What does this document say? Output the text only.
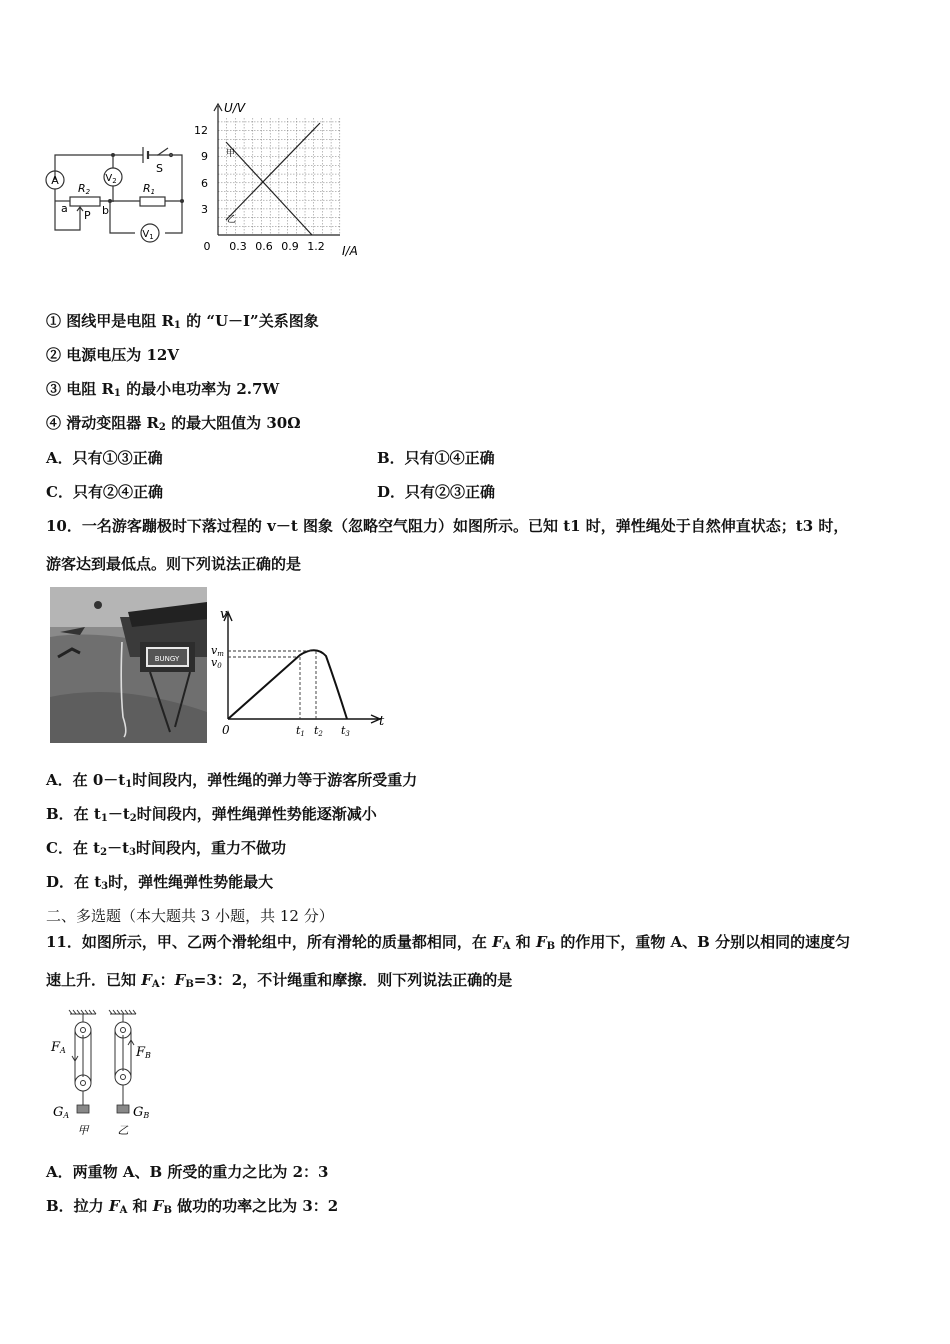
A	$V_2$
$V_1$
R2	R1
S
a	b
P
U/V
I/A
12
9
6
3
0 0.3 0.6 0.9 1.2
甲
乙
① 图线甲是电阻 $R_1$ 的 “U－I”关系图象
② 电源电压为 12V
③ 电阻 $R_1$ 的最小电功率为 2.7W
④ 滑动变阻器 $R_2$ 的最大阻值为 30Ω
A．只有①③正确	B．只有①④正确
C．只有②④正确	D．只有②③正确
10．一名游客蹦极时下落过程的 v－t 图象（忽略空气阻力）如图所示。已知 t1 时，弹性绳处于自然伸直状态；t3 时，
游客达到最低点。则下列说法正确的是
BUNGY
v
t
0
vm
v0
t1 t2 t3
A．在 $0-t_1$时间段内，弹性绳的弹力等于游客所受重力
B．在 $t_1-t_2$时间段内，弹性绳弹性势能逐渐减小
C．在 $t_2-t_3$时间段内，重力不做功
D．在 $t_3$时，弹性绳弹性势能最大
二、多选题（本大题共 3 小题，共 12 分）
11．如图所示，甲、乙两个滑轮组中，所有滑轮的质量都相同，在 $F_A$ 和 $F_B$ 的作用下，重物 A、B 分别以相同的速度匀
速上升．已知 $F_A$：$F_B=3$：2，不计绳重和摩擦．则下列说法正确的是
FA	FB
GA	GB
甲	乙
A．两重物 A、B 所受的重力之比为 2：3
B．拉力 $F_A$ 和 $F_B$ 做功的功率之比为 3：2
